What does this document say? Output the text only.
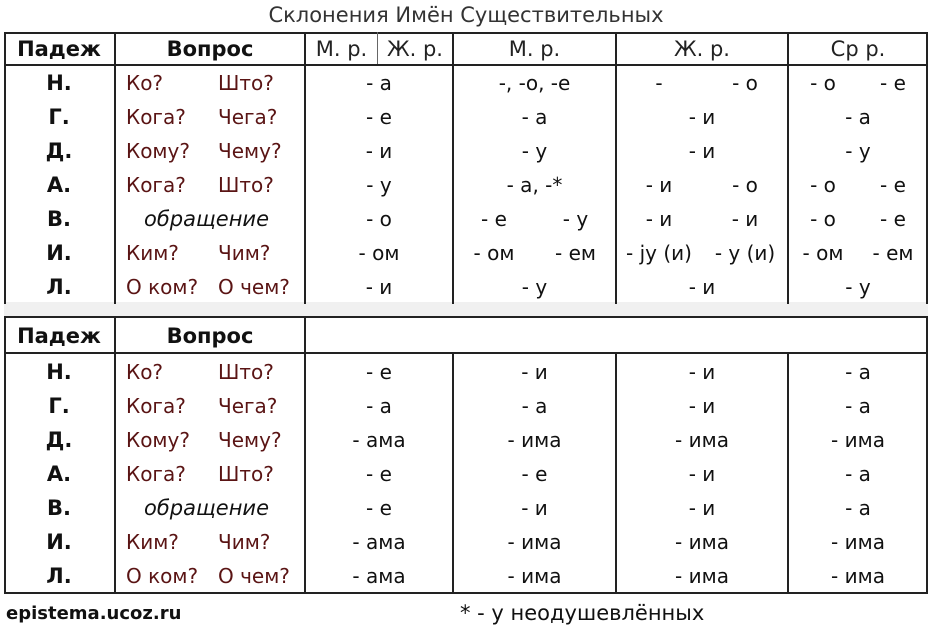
Склонения Имён Существительных
Падеж	Вопрос	М. р. Ж. р.	М. р.	Ж. р.	Ср р.
Падеж	Вопрос
Н.	Ко?	Што?	- а	-, -о, -е	-	- о	- о	- е
Г.	Кога?	Чега?	- е	- а	- и	- а
Д.	Кому?	Чему?	- и	- у	- и	- у
А.	Кога?	Што?	- у	- а, -*	- и	- о	- о	- е
В.	обращение	- о	- е	- у	- и	- и	- о	- е
И.	Ким?	Чим?	- ом	- ом	- ем	- ју (и)	- у (и)	- ом	- ем
Л.	О ком? О чем?	- и	- у	- и	- у
Н.	Ко?	Што?	- е	- и	- и	- а
Г.	Кога?	Чега?	- а	- а	- и	- а
Д.	Кому?	Чему?	- ама	- има	- има	- има
А.	Кога?	Што?	- е	- е	- и	- а
В.	обращение	- е	- и	- и	- а
И.	Ким?	Чим?	- ама	- има	- има	- има
Л.	О ком? О чем?	- ама	- има	- има	- има
epistema.ucoz.ru	* - у неодушевлённых
